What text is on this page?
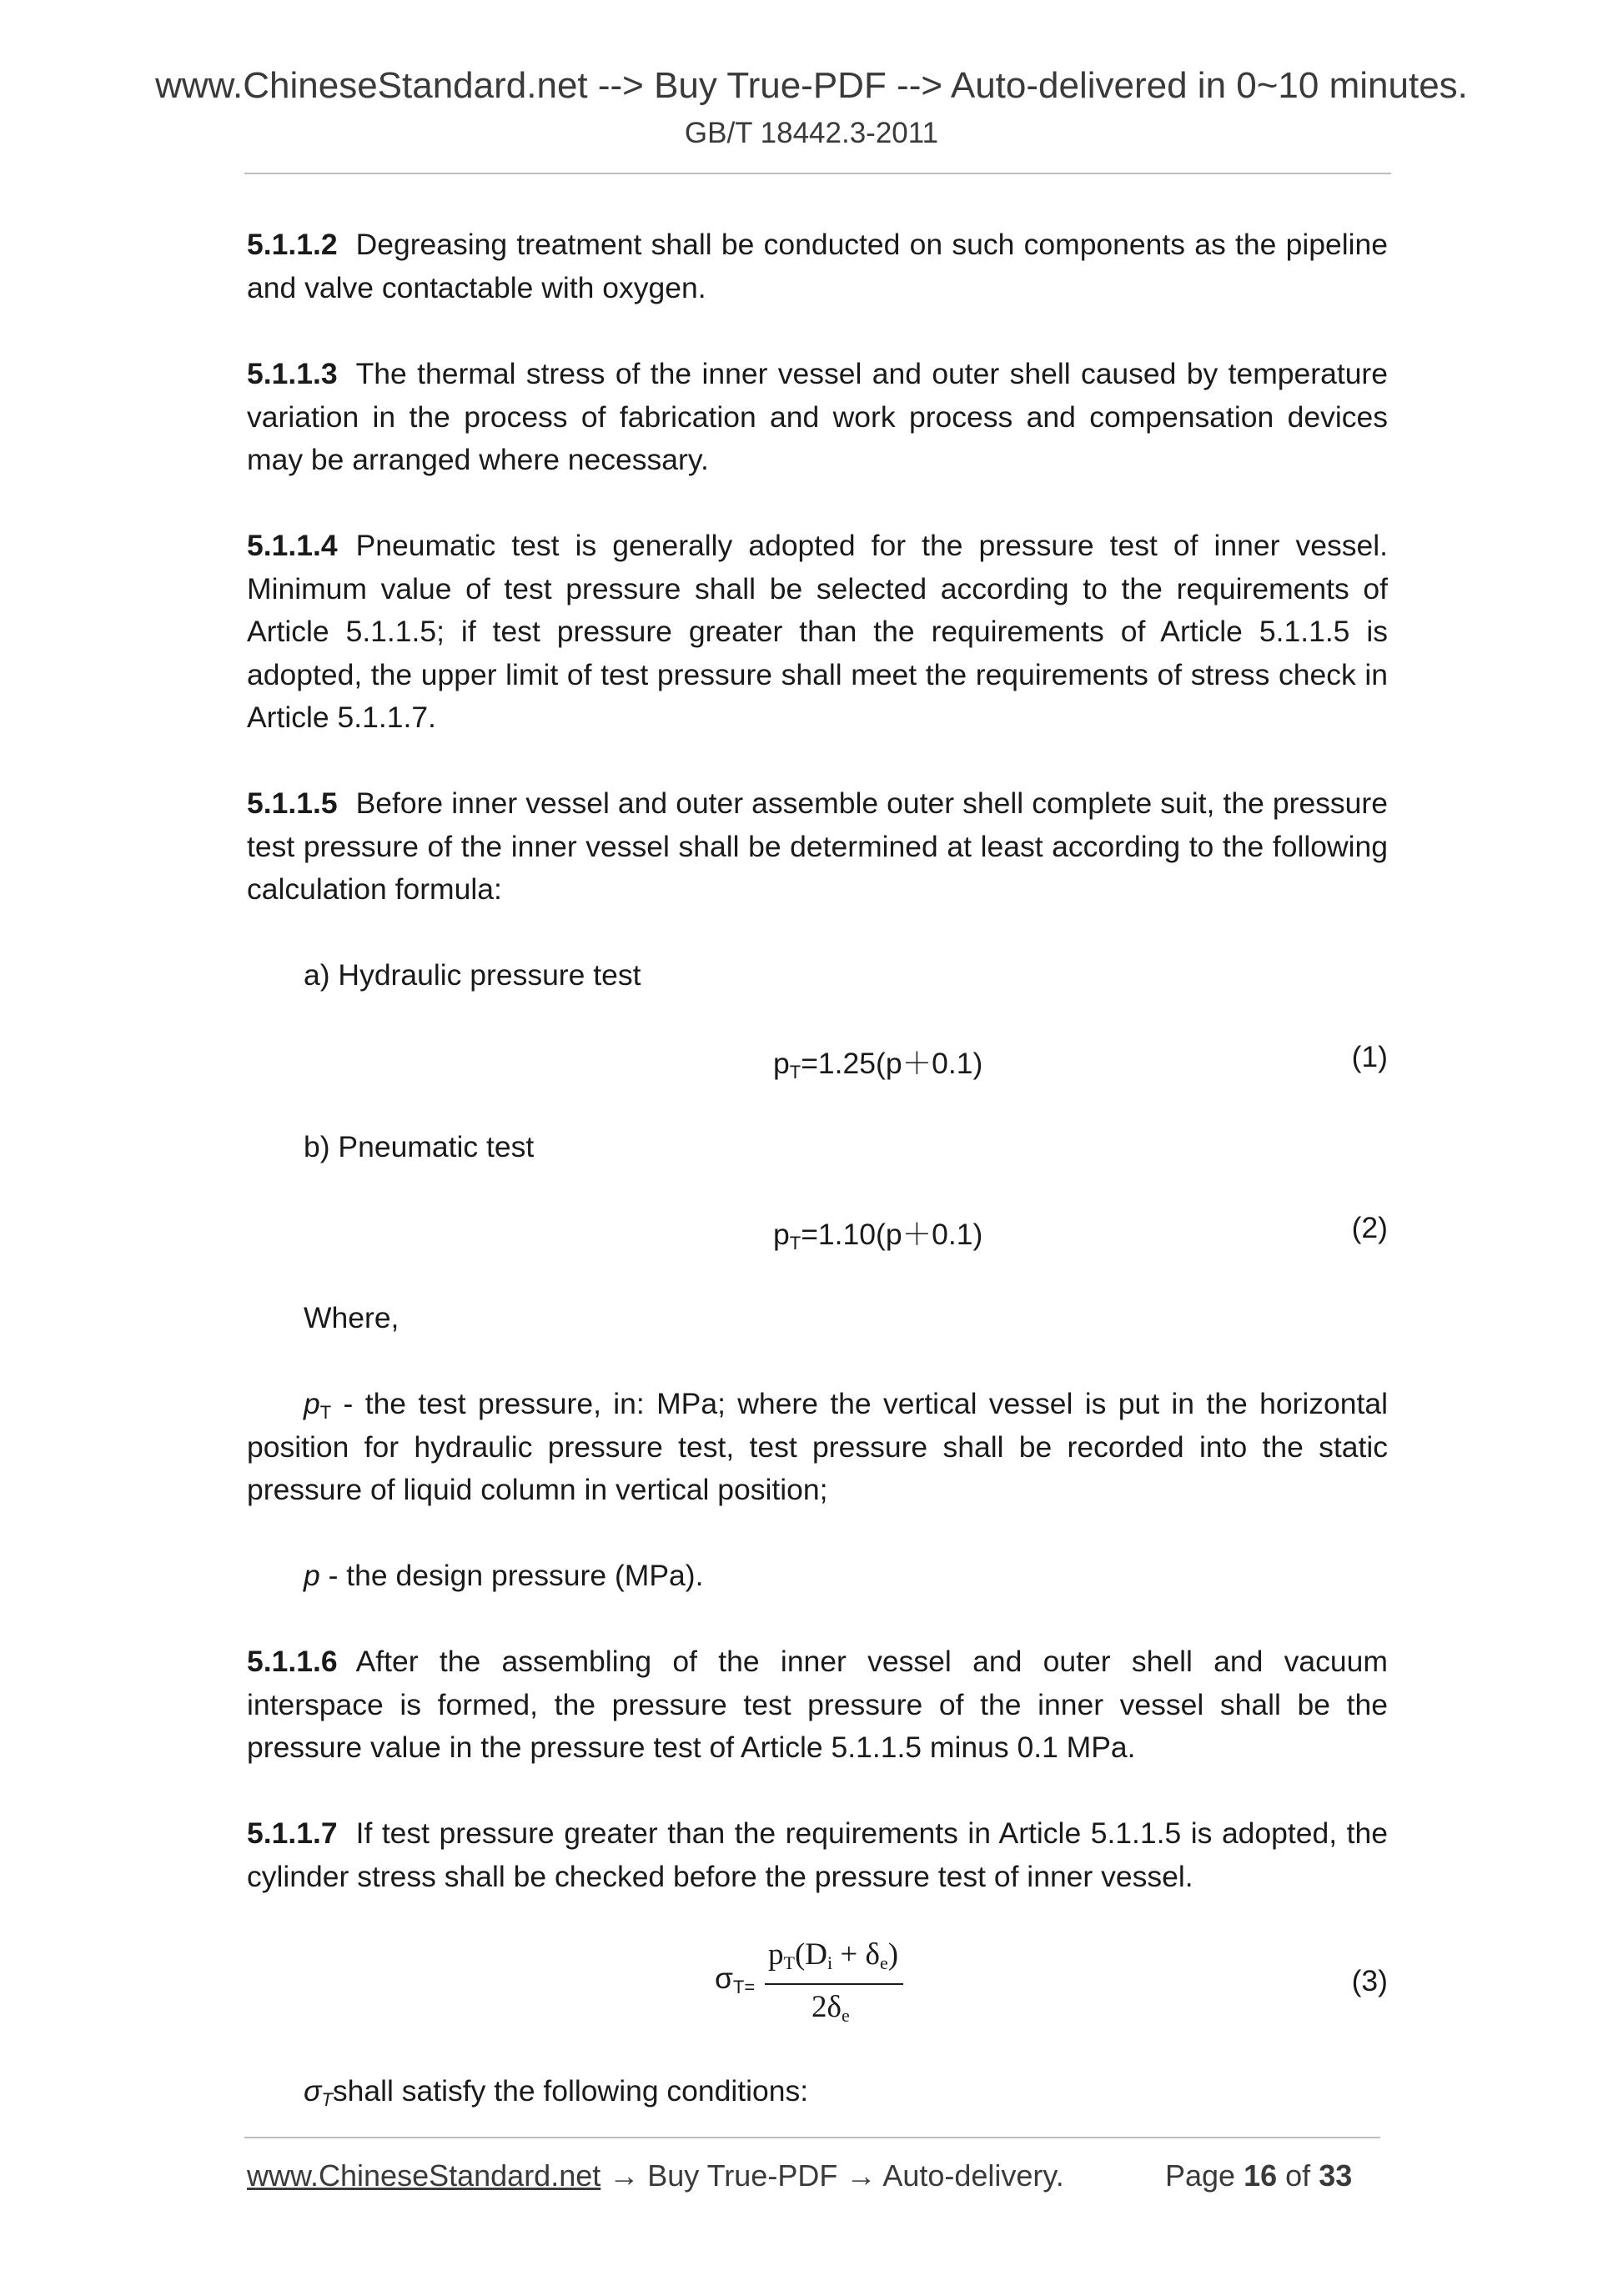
www.ChineseStandard.net --> Buy True-PDF --> Auto-delivered in 0~10 minutes.
GB/T 18442.3-2011
5.1.1.2 Degreasing treatment shall be conducted on such components as the pipeline and valve contactable with oxygen.
5.1.1.3 The thermal stress of the inner vessel and outer shell caused by temperature variation in the process of fabrication and work process and compensation devices may be arranged where necessary.
5.1.1.4 Pneumatic test is generally adopted for the pressure test of inner vessel. Minimum value of test pressure shall be selected according to the requirements of Article 5.1.1.5; if test pressure greater than the requirements of Article 5.1.1.5 is adopted, the upper limit of test pressure shall meet the requirements of stress check in Article 5.1.1.7.
5.1.1.5 Before inner vessel and outer assemble outer shell complete suit, the pressure test pressure of the inner vessel shall be determined at least according to the following calculation formula:
a) Hydraulic pressure test
$p_T=1.25(p+0.1)$	(1)
b) Pneumatic test
$p_T=1.10(p+0.1)$	(2)
Where,
$p_T$ - the test pressure, in: MPa; where the vertical vessel is put in the horizontal position for hydraulic pressure test, test pressure shall be recorded into the static pressure of liquid column in vertical position;
p - the design pressure (MPa).
5.1.1.6 After the assembling of the inner vessel and outer shell and vacuum interspace is formed, the pressure test pressure of the inner vessel shall be the pressure value in the pressure test of Article 5.1.1.5 minus 0.1 MPa.
5.1.1.7 If test pressure greater than the requirements in Article 5.1.1.5 is adopted, the cylinder stress shall be checked before the pressure test of inner vessel.
$\sigma_{T=}$
$p_T(D_i + \delta_e)$
$2\delta_e$
(3)
$\sigma_Tshall$ satisfy the following conditions:
www.ChineseStandard.net → Buy True-PDF → Auto-delivery.	Page 16 of 33
